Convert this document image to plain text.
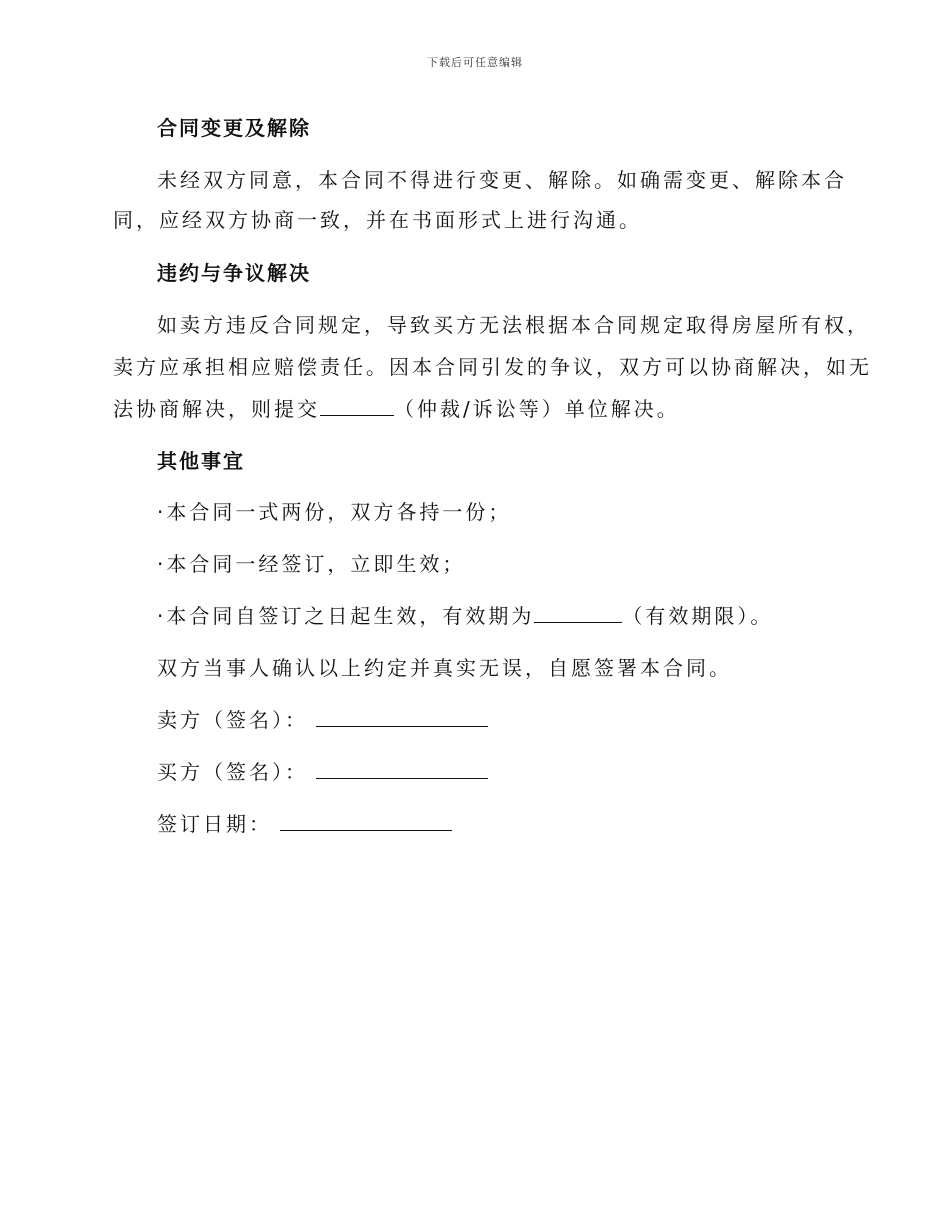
下载后可任意编辑
合同变更及解除
未经双方同意，本合同不得进行变更、解除。如确需变更、解除本合
同，应经双方协商一致，并在书面形式上进行沟通。
违约与争议解决
如卖方违反合同规定，导致买方无法根据本合同规定取得房屋所有权，
卖方应承担相应赔偿责任。因本合同引发的争议，双方可以协商解决，如无
法协商解决，则提交	（仲裁/诉讼等）单位解决。
其他事宜
·本合同一式两份，双方各持一份；
·本合同一经签订，立即生效；
·本合同自签订之日起生效，有效期为	（有效期限）。
双方当事人确认以上约定并真实无误，自愿签署本合同。
卖方（签名）：
买方（签名）：
签订日期：
